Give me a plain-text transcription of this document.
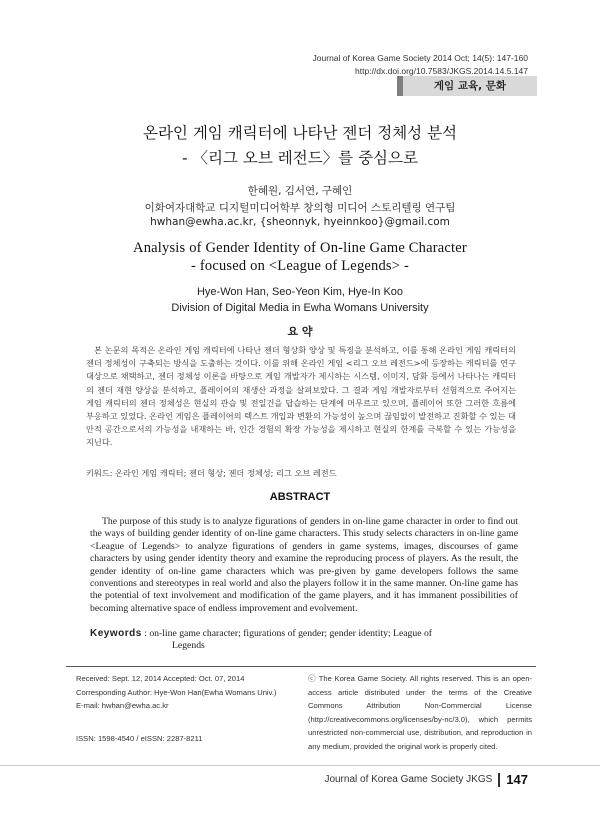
Journal of Korea Game Society 2014 Oct; 14(5): 147-160
http://dx.doi.org/10.7583/JKGS.2014.14.5.147
게임 교육, 문화
온라인 게임 캐릭터에 나타난 젠더 정체성 분석
- 〈리그 오브 레전드〉를 중심으로
한혜원, 김서연, 구혜인
이화여자대학교 디지털미디어학부 창의형 미디어 스토리텔링 연구팀
hwhan@ewha.ac.kr, {sheonnyk, hyeinnkoo}@gmail.com
Analysis of Gender Identity of On-line Game Character
- focused on <League of Legends> -
Hye-Won Han, Seo-Yeon Kim, Hye-In Koo
Division of Digital Media in Ewha Womans University
요 약
본 논문의 목적은 온라인 게임 캐릭터에 나타난 젠더 형상화 양상 및 특징을 분석하고, 이를 통해 온라인 게임 캐릭터의 젠더 정체성이 구축되는 방식을 도출하는 것이다. 이를 위해 온라인 게임 <리그 오브 레전드>에 등장하는 캐릭터를 연구 대상으로 채택하고, 젠더 정체성 이론을 바탕으로 게임 개발자가 제시하는 시스템, 이미지, 담화 등에서 나타나는 캐릭터의 젠더 재현 양상을 분석하고, 플레이어의 재생산 과정을 살펴보았다. 그 결과 게임 개발자로부터 선험적으로 주어지는 게임 캐릭터의 젠더 정체성은 현실의 관습 및 전일건을 답습하는 단계에 머무르고 있으며, 플레이어 또한 그러한 흐름에 부응하고 있었다. 온라인 게임은 플레이어의 텍스트 개입과 변환의 가능성이 높으며 끊임없이 발전하고 진화할 수 있는 대안적 공간으로서의 가능성을 내재하는 바, 인간 경험의 확장 가능성을 제시하고 현실의 한계를 극복할 수 있는 가능성을 지닌다.
키워드: 온라인 게임 캐릭터; 젠더 형상; 젠더 정체성; 리그 오브 레전드
ABSTRACT
The purpose of this study is to analyze figurations of genders in on-line game character in order to find out the ways of building gender identity of on-line game characters. This study selects characters in on-line game <League of Legends> to analyze figurations of genders in game systems, images, discourses of game characters by using gender identity theory and examine the reproducing process of players. As the result, the gender identity of on-line game characters which was pre-given by game developers follows the same conventions and stereotypes in real world and also the players follow it in the same manner. On-line game has the potential of text involvement and modification of the game players, and it has immanent possibilities of becoming alternative space of endless improvement and evolvement.
Keywords : on-line game character; figurations of gender; gender identity; League of
Legends
Received: Sept. 12, 2014 Accepted: Oct. 07, 2014
Corresponding Author: Hye-Won Han(Ewha Womans Univ.)
E-mail: hwhan@ewha.ac.kr
ISSN: 1598-4540 / eISSN: 2287-8211
ⓒ The Korea Game Society. All rights reserved. This is an open-access article distributed under the terms of the Creative Commons Attribution Non-Commercial License (http://creativecommons.org/licenses/by-nc/3.0), which permits unrestricted non-commercial use, distribution, and reproduction in any medium, provided the original work is properly cited.
Journal of Korea Game Society JKGS 147
